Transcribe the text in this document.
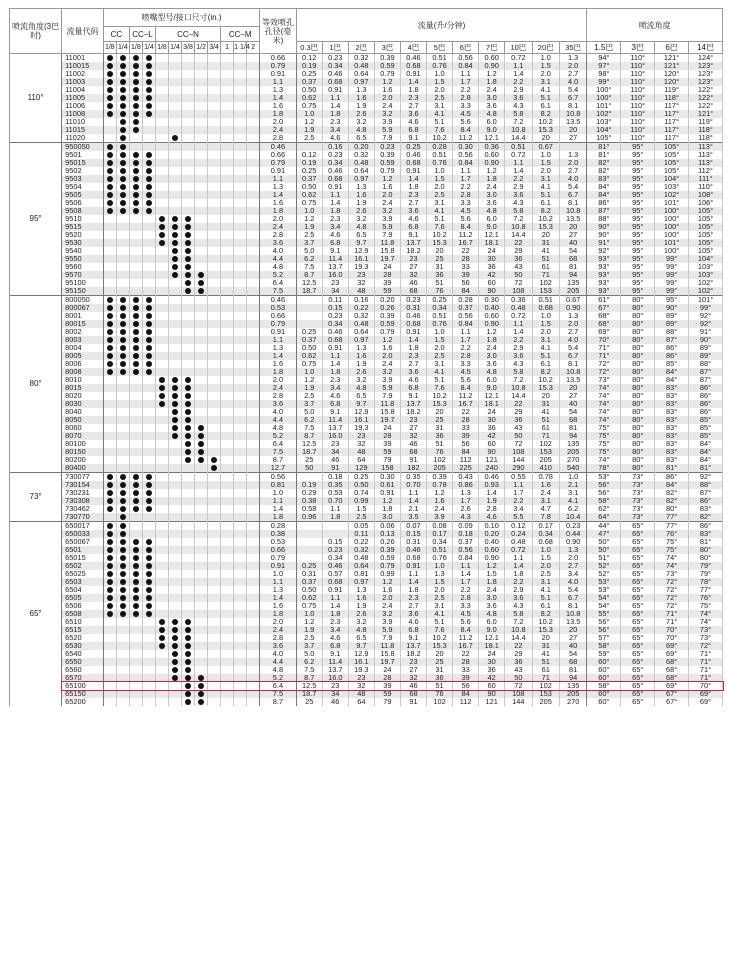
喷流角度(3巴时)	流量代码	喷嘴型号/接口尺寸(in.)												等效喷孔孔径(毫米)	流量(升/分钟)											喷流角度			
		CC		CC–L		CC–N					CC–M																		
		1/8	1/4	1/8	1/4	1/8	1/4	3/8	1/2	3/4	1	1 1/4	2		0.3巴	1巴	2巴	3巴	4巴	5巴	6巴	7巴	10巴	20巴	35巴	1.5巴	3巴	6巴	14巴
110°	11001													0.66	0.12	0.23	0.32	0.39	0.46	0.51	0.56	0.60	0.72	1.0	1.3	94°	110°	121°	124°
	110015													0.79	0.19	0.34	0.48	0.59	0.68	0.76	0.84	0.90	1.1	1.5	2.0	97°	110°	121°	123°
	11002													0.91	0.25	0.46	0.64	0.79	0.91	1.0	1.1	1.2	1.4	2.0	2.7	98°	110°	120°	123°
	11003													1.1	0.37	0.68	0.97	1.2	1.4	1.5	1.7	1.8	2.2	3.1	4.0	99°	110°	120°	123°
	11004													1.3	0.50	0.91	1.3	1.6	1.8	2.0	2.2	2.4	2.9	4.1	5.4	100°	110°	119°	122°
	11005													1.4	0.62	1.1	1.6	2.0	2.3	2.5	2.8	3.0	3.6	5.1	6.7	100°	110°	118°	122°
	11006													1.6	0.75	1.4	1.9	2.4	2.7	3.1	3.3	3.6	4.3	6.1	8.1	101°	110°	117°	122°
	11008													1.8	1.0	1.8	2.6	3.2	3.6	4.1	4.5	4.8	5.8	8.2	10.8	102°	110°	117°	121°
	11010													2.0	1.2	2.3	3.2	3.9	4.6	5.1	5.6	6.0	7.2	10.2	13.5	103°	110°	117°	119°
	11015													2.4	1.9	3.4	4.8	5.9	6.8	7.6	8.4	9.0	10.8	15.3	20	104°	110°	117°	118°
	11020													2.8	2.5	4.6	6.5	7.9	9.1	10.2	11.2	12.1	14.4	20	27	105°	110°	117°	118°
95°	950050													0.46		0.16	0.20	0.23	0.25	0.28	0.30	0.36	0.51	0.67		81°	95°	105°	113°
	9501													0.66	0.12	0.23	0.32	0.39	0.46	0.51	0.56	0.60	0.72	1.0	1.3	81°	95°	105°	113°
	95015													0.79	0.19	0.34	0.48	0.59	0.68	0.76	0.84	0.90	1.1	1.5	2.0	82°	95°	105°	113°
	9502													0.91	0.25	0.46	0.64	0.79	0.91	1.0	1.1	1.2	1.4	2.0	2.7	82°	95°	105°	112°
	9503													1.1	0.37	0.68	0.97	1.2	1.4	1.5	1.7	1.8	2.2	3.1	4.0	83°	95°	104°	111°
	9504													1.3	0.50	0.91	1.3	1.6	1.8	2.0	2.2	2.4	2.9	4.1	5.4	84°	95°	103°	110°
	9505													1.4	0.62	1.1	1.6	2.0	2.3	2.5	2.8	3.0	3.6	5.1	6.7	84°	95°	102°	108°
	9506													1.6	0.75	1.4	1.9	2.4	2.7	3.1	3.3	3.6	4.3	6.1	8.1	86°	95°	101°	106°
	9508													1.8	1.0	1.8	2.6	3.2	3.6	4.1	4.5	4.8	5.8	8.2	10.8	87°	95°	100°	105°
	9510													2.0	1.2	2.3	3.2	3.9	4.6	5.1	5.6	6.0	7.2	10.2	13.5	88°	95°	100°	105°
	9515													2.4	1.9	3.4	4.8	5.9	6.8	7.6	8.4	9.0	10.8	15.3	20	90°	95°	100°	105°
	9520													2.8	2.5	4.6	6.5	7.9	9.1	10.2	11.2	12.1	14.4	20	27	90°	95°	100°	105°
	9530													3.6	3.7	6.8	9.7	11.8	13.7	15.3	16.7	18.1	22	31	40	91°	95°	101°	105°
	9540													4.0	5.0	9.1	12.9	15.8	18.2	20	22	24	29	41	54	92°	95°	100°	105°
	9550													4.4	6.2	11.4	16.1	19.7	23	25	28	30	36	51	68	93°	95°	99°	104°
	9560													4.8	7.5	13.7	19.3	24	27	31	33	36	43	61	81	93°	95°	99°	103°
	9570													5.2	8.7	16.0	23	28	32	36	39	42	50	71	94	93°	95°	99°	103°
	95100													6.4	12.5	23	32	39	46	51	56	60	72	102	135	93°	95°	99°	102°
	95150													7.5	18.7	34	48	59	68	76	84	90	108	153	205	93°	95°	99°	102°
80°	800050													0.46		0.11	0.16	0.20	0.23	0.25	0.28	0.30	0.36	0.51	0.67	61°	80°	95°	101°
	800067													0.53		0.15	0.22	0.26	0.31	0.34	0.37	0.40	0.48	0.68	0.90	67°	80°	90°	99°
	8001													0.66		0.23	0.32	0.39	0.46	0.51	0.56	0.60	0.72	1.0	1.3	68°	80°	89°	92°
	80015													0.79		0.34	0.48	0.59	0.68	0.76	0.84	0.90	1.1	1.5	2.0	68°	80°	89°	92°
	8002													0.91	0.25	0.46	0.64	0.79	0.91	1.0	1.1	1.2	1.4	2.0	2.7	69°	80°	88°	91°
	8003													1.1	0.37	0.68	0.97	1.2	1.4	1.5	1.7	1.8	2.2	3.1	4.0	70°	80°	87°	90°
	8004													1.3	0.50	0.91	1.3	1.6	1.8	2.0	2.2	2.4	2.9	4.1	5.4	71°	80°	86°	89°
	8005													1.4	0.62	1.1	1.6	2.0	2.3	2.5	2.8	3.0	3.6	5.1	6.7	71°	80°	86°	89°
	8006													1.6	0.75	1.4	1.9	2.4	2.7	3.1	3.3	3.6	4.3	6.1	8.1	72°	80°	85°	88°
	8008													1.8	1.0	1.8	2.6	3.2	3.6	4.1	4.5	4.8	5.8	8.2	10.8	72°	80°	84°	87°
	8010													2.0	1.2	2.3	3.2	3.9	4.6	5.1	5.6	6.0	7.2	10.2	13.5	73°	80°	84°	87°
	8015													2.4	1.9	3.4	4.8	5.9	6.8	7.6	8.4	9.0	10.8	15.3	20	74°	80°	83°	86°
	8020													2.8	2.5	4.6	6.5	7.9	9.1	10.2	11.2	12.1	14.4	20	27	74°	80°	83°	86°
	8030													3.6	3.7	6.8	9.7	11.8	13.7	15.3	16.7	18.1	22	31	40	74°	80°	83°	86°
	8040													4.0	5.0	9.1	12.9	15.8	18.2	20	22	24	29	41	54	74°	80°	83°	86°
	8050													4.4	6.2	11.4	16.1	19.7	23	25	28	30	36	51	68	74°	80°	83°	85°
	8060													4.8	7.5	13.7	19.3	24	27	31	33	36	43	61	81	75°	80°	83°	85°
	8070													5.2	8.7	16.0	23	28	32	36	39	42	50	71	94	75°	80°	83°	85°
	80100													6.4	12.5	23	32	39	46	51	56	60	72	102	135	75°	80°	83°	84°
	80150													7.5	18.7	34	48	59	68	76	84	90	108	153	205	75°	80°	83°	84°
	80200													8.7	25	46	64	79	91	102	112	121	144	205	270	74°	80°	83°	84°
	80400													12.7	50	91	129	158	182	205	225	240	290	410	540	78°	80°	81°	81°
73°	730077													0.56		0.18	0.25	0.30	0.35	0.39	0.43	0.46	0.55	0.78	1.0	53°	73°	86°	92°
	730154													0.81	0.19	0.35	0.50	0.61	0.70	0.78	0.86	0.93	1.1	1.6	2.1	56°	73°	84°	88°
	730231													1.0	0.29	0.53	0.74	0.91	1.1	1.2	1.3	1.4	1.7	2.4	3.1	56°	73°	82°	87°
	730308													1.1	0.38	0.70	0.99	1.2	1.4	1.6	1.7	1.9	2.2	3.1	4.1	58°	73°	82°	86°
	730462													1.4	0.58	1.1	1.5	1.8	2.1	2.4	2.6	2.8	3.4	4.7	6.2	62°	73°	80°	83°
	730770													1.8	0.96	1.8	2.5	3.0	3.5	3.9	4.3	4.6	5.5	7.8	10.4	64°	73°	77°	82°
65°	650017													0.28			0.05	0.06	0.07	0.08	0.09	0.10	0.12	0.17	0.23	44°	65°	77°	86°
	650033													0.38			0.11	0.13	0.15	0.17	0.18	0.20	0.24	0.34	0.44	47°	65°	76°	83°
	650067													0.53		0.15	0.22	0.26	0.31	0.34	0.37	0.40	0.48	0.68	0.90	50°	65°	75°	81°
	6501													0.66		0.23	0.32	0.39	0.46	0.51	0.56	0.60	0.72	1.0	1.3	50°	65°	75°	80°
	65015													0.79		0.34	0.48	0.59	0.68	0.76	0.84	0.90	1.1	1.5	2.0	51°	65°	74°	80°
	6502													0.91	0.25	0.46	0.64	0.79	0.91	1.0	1.1	1.2	1.4	2.0	2.7	52°	65°	74°	79°
	65025													1.0	0.31	0.57	0.81	0.99	1.1	1.3	1.4	1.5	1.8	2.5	3.4	52°	65°	73°	79°
	6503													1.1	0.37	0.68	0.97	1.2	1.4	1.5	1.7	1.8	2.2	3.1	4.0	53°	65°	72°	78°
	6504													1.3	0.50	0.91	1.3	1.6	1.8	2.0	2.2	2.4	2.9	4.1	5.4	53°	65°	72°	77°
	6505													1.4	0.62	1.1	1.6	2.0	2.3	2.5	2.8	3.0	3.6	5.1	6.7	54°	65°	72°	76°
	6506													1.6	0.75	1.4	1.9	2.4	2.7	3.1	3.3	3.6	4.3	6.1	8.1	54°	65°	72°	75°
	6508													1.8	1.0	1.8	2.6	3.2	3.6	4.1	4.5	4.8	5.8	8.2	10.8	55°	65°	71°	74°
	6510													2.0	1.2	2.3	3.2	3.9	4.6	5.1	5.6	6.0	7.2	10.2	13.5	56°	65°	71°	74°
	6515													2.4	1.9	3.4	4.8	5.9	6.8	7.6	8.4	9.0	10.8	15.3	20	56°	65°	70°	73°
	6520													2.8	2.5	4.6	6.5	7.9	9.1	10.2	11.2	12.1	14.4	20	27	57°	65°	70°	73°
	6530													3.6	3.7	6.8	9.7	11.8	13.7	15.3	16.7	18.1	22	31	40	58°	65°	69°	72°
	6540													4.0	5.0	9.1	12.9	15.8	18.2	20	22	24	29	41	54	59°	65°	69°	71°
	6550													4.4	6.2	11.4	16.1	19.7	23	25	28	30	36	51	68	60°	65°	68°	71°
	6560													4.8	7.5	13.7	19.3	24	27	31	33	36	43	61	81	60°	65°	68°	71°
	6570													5.2	8.7	16.0	23	28	32	36	39	42	50	71	94	60°	65°	68°	71°
	65100													6.4	12.5	23	32	39	46	51	56	60	72	102	135	58°	65°	69°	70°
	65150													7.5	18.7	34	48	59	68	76	84	90	108	153	205	60°	65°	67°	69°
	65200													8.7	25	46	64	79	91	102	112	121	144	205	270	60°	65°	67°	69°
